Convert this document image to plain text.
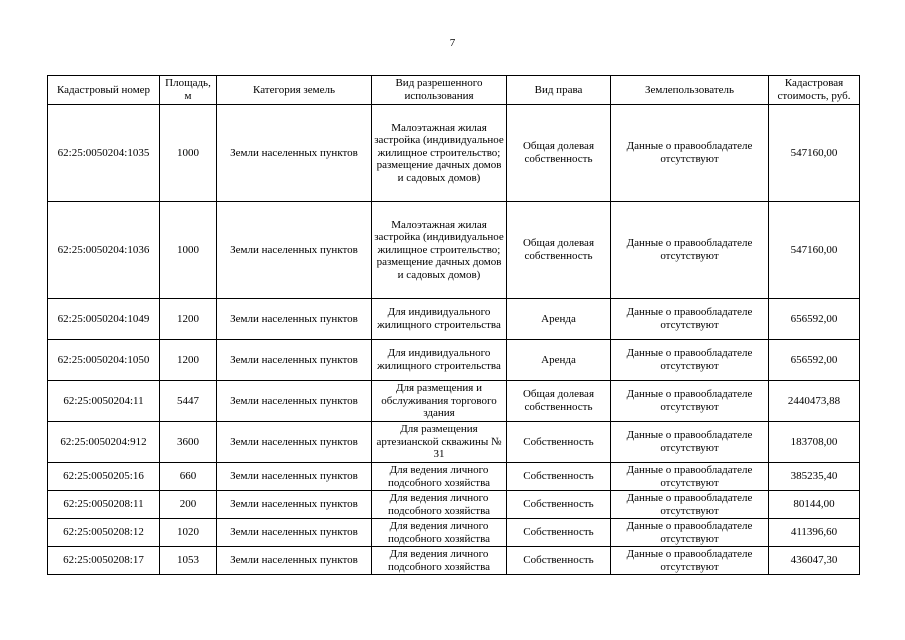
7
Кадастровый номер	Площадь, м	Категория земель	Вид разрешенного использования	Вид права	Землепользователь	Кадастровая стоимость, руб.
62:25:0050204:1035	1000	Земли населенных пунктов	Малоэтажная жилая застройка (индивидуальное жилищное строительство; размещение дачных домов и садовых домов)	Общая долевая собственность	Данные о правообладателе отсутствуют	547160,00
62:25:0050204:1036	1000	Земли населенных пунктов	Малоэтажная жилая застройка (индивидуальное жилищное строительство; размещение дачных домов и садовых домов)	Общая долевая собственность	Данные о правообладателе отсутствуют	547160,00
62:25:0050204:1049	1200	Земли населенных пунктов	Для индивидуального жилищного строительства	Аренда	Данные о правообладателе отсутствуют	656592,00
62:25:0050204:1050	1200	Земли населенных пунктов	Для индивидуального жилищного строительства	Аренда	Данные о правообладателе отсутствуют	656592,00
62:25:0050204:11	5447	Земли населенных пунктов	Для размещения и обслуживания торгового здания	Общая долевая собственность	Данные о правообладателе отсутствуют	2440473,88
62:25:0050204:912	3600	Земли населенных пунктов	Для размещения артезианской скважины № 31	Собственность	Данные о правообладателе отсутствуют	183708,00
62:25:0050205:16	660	Земли населенных пунктов	Для ведения личного подсобного хозяйства	Собственность	Данные о правообладателе отсутствуют	385235,40
62:25:0050208:11	200	Земли населенных пунктов	Для ведения личного подсобного хозяйства	Собственность	Данные о правообладателе отсутствуют	80144,00
62:25:0050208:12	1020	Земли населенных пунктов	Для ведения личного подсобного хозяйства	Собственность	Данные о правообладателе отсутствуют	411396,60
62:25:0050208:17	1053	Земли населенных пунктов	Для ведения личного подсобного хозяйства	Собственность	Данные о правообладателе отсутствуют	436047,30
